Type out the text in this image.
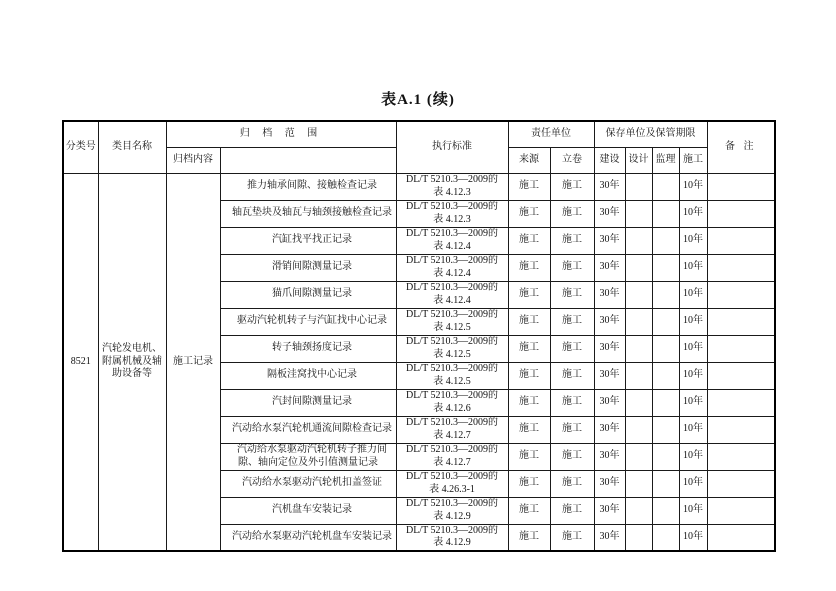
表A.1 (续)
分类号	类目名称	归 档 范 围		执行标准	责任单位		保存单位及保管期限				备 注
		归档内容			来源	立卷	建设	设计	监理	施工	
8521	汽轮发电机、附属机械及辅助设备等	施工记录	推力轴承间隙、接触检查记录	DL/T 5210.3—2009的
表 4.12.3	施工	施工	30年			10年	
			轴瓦垫块及轴瓦与轴颈接触检查记录	DL/T 5210.3—2009的
表 4.12.3	施工	施工	30年			10年	
			汽缸找平找正记录	DL/T 5210.3—2009的
表 4.12.4	施工	施工	30年			10年	
			滑销间隙测量记录	DL/T 5210.3—2009的
表 4.12.4	施工	施工	30年			10年	
			猫爪间隙测量记录	DL/T 5210.3—2009的
表 4.12.4	施工	施工	30年			10年	
			驱动汽轮机转子与汽缸找中心记录	DL/T 5210.3—2009的
表 4.12.5	施工	施工	30年			10年	
			转子轴颈扬度记录	DL/T 5210.3—2009的
表 4.12.5	施工	施工	30年			10年	
			隔板洼窝找中心记录	DL/T 5210.3—2009的
表 4.12.5	施工	施工	30年			10年	
			汽封间隙测量记录	DL/T 5210.3—2009的
表 4.12.6	施工	施工	30年			10年	
			汽动给水泵汽轮机通流间隙检查记录	DL/T 5210.3—2009的
表 4.12.7	施工	施工	30年			10年	
			汽动给水泵驱动汽轮机转子推力间隙、轴向定位及外引值测量记录	DL/T 5210.3—2009的
表 4.12.7	施工	施工	30年			10年	
			汽动给水泵驱动汽轮机扣盖签证	DL/T 5210.3—2009的
表 4.26.3-1	施工	施工	30年			10年	
			汽机盘车安装记录	DL/T 5210.3—2009的
表 4.12.9	施工	施工	30年			10年	
			汽动给水泵驱动汽轮机盘车安装记录	DL/T 5210.3—2009的
表 4.12.9	施工	施工	30年			10年	
